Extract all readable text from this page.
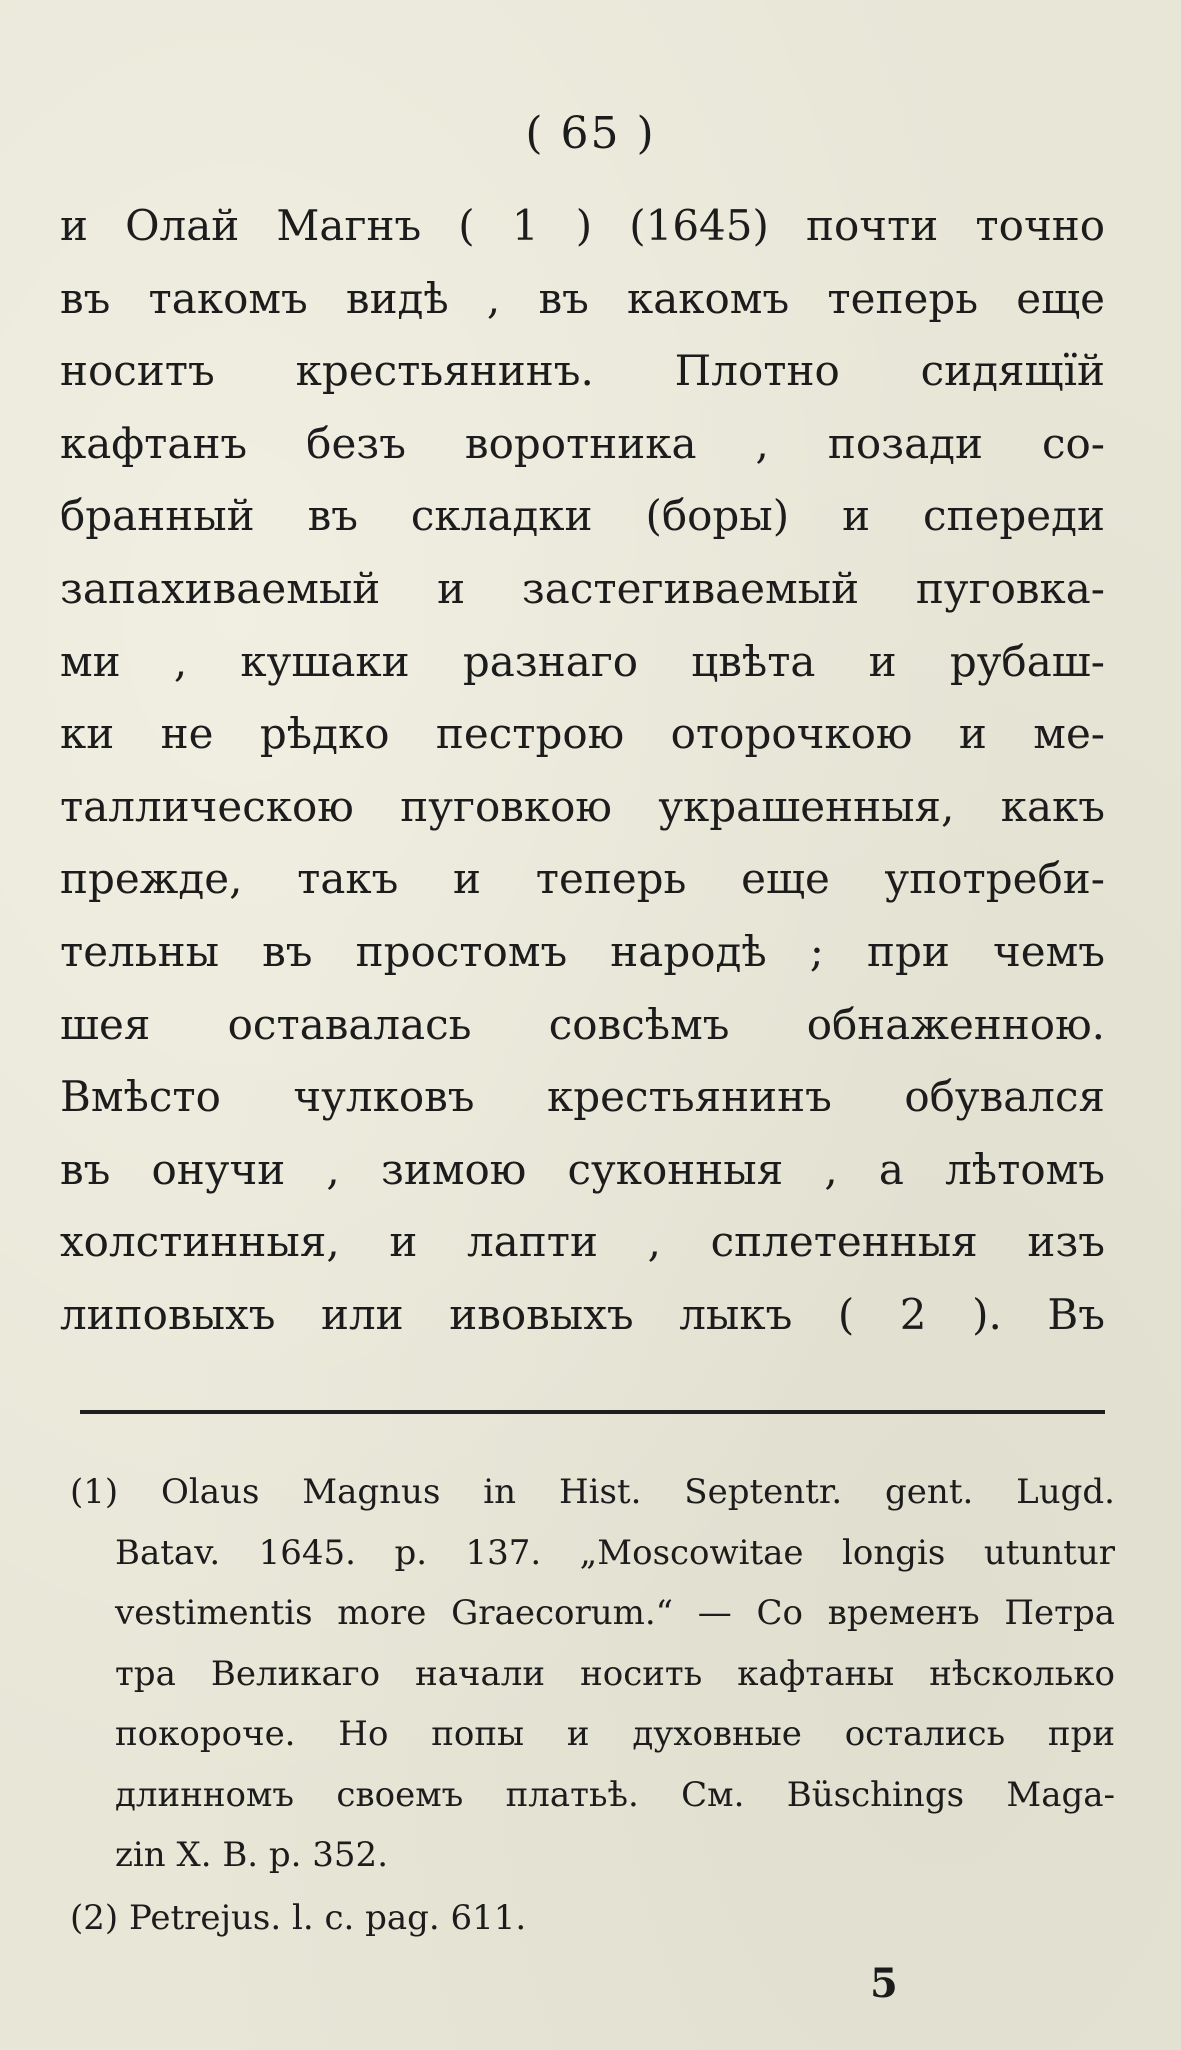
( 65 )
и Олай Магнъ ( 1 ) (1645) почти точно
въ такомъ видѣ , въ какомъ теперь еще
носитъ крестьянинъ. Плотно сидящїй
кафтанъ безъ воротника , позади со-
бранный въ складки (боры) и спереди
запахиваемый и застегиваемый пуговка-
ми , кушаки разнаго цвѣта и рубаш-
ки не рѣдко пестрою оторочкою и ме-
таллическою пуговкою украшенныя, какъ
прежде, такъ и теперь еще употреби-
тельны въ простомъ народѣ ; при чемъ
шея оставалась совсѣмъ обнаженною.
Вмѣсто чулковъ крестьянинъ обувался
въ онучи , зимою суконныя , а лѣтомъ
холстинныя, и лапти , сплетенныя изъ
липовыхъ или ивовыхъ лыкъ ( 2 ). Въ
(1) Olaus Magnus in Hist. Septentr. gent. Lugd.
Batav. 1645. p. 137. „Moscowitae longis utuntur
vestimentis more Graecorum.“ — Со временъ Петра
тра Великаго начали носить кафтаны нѣсколько
покороче. Но попы и духовные остались при
длинномъ своемъ платьѣ. См. Büschings Maga-
zin X. B. p. 352.
(2) Petrejus. l. c. pag. 611.
5
